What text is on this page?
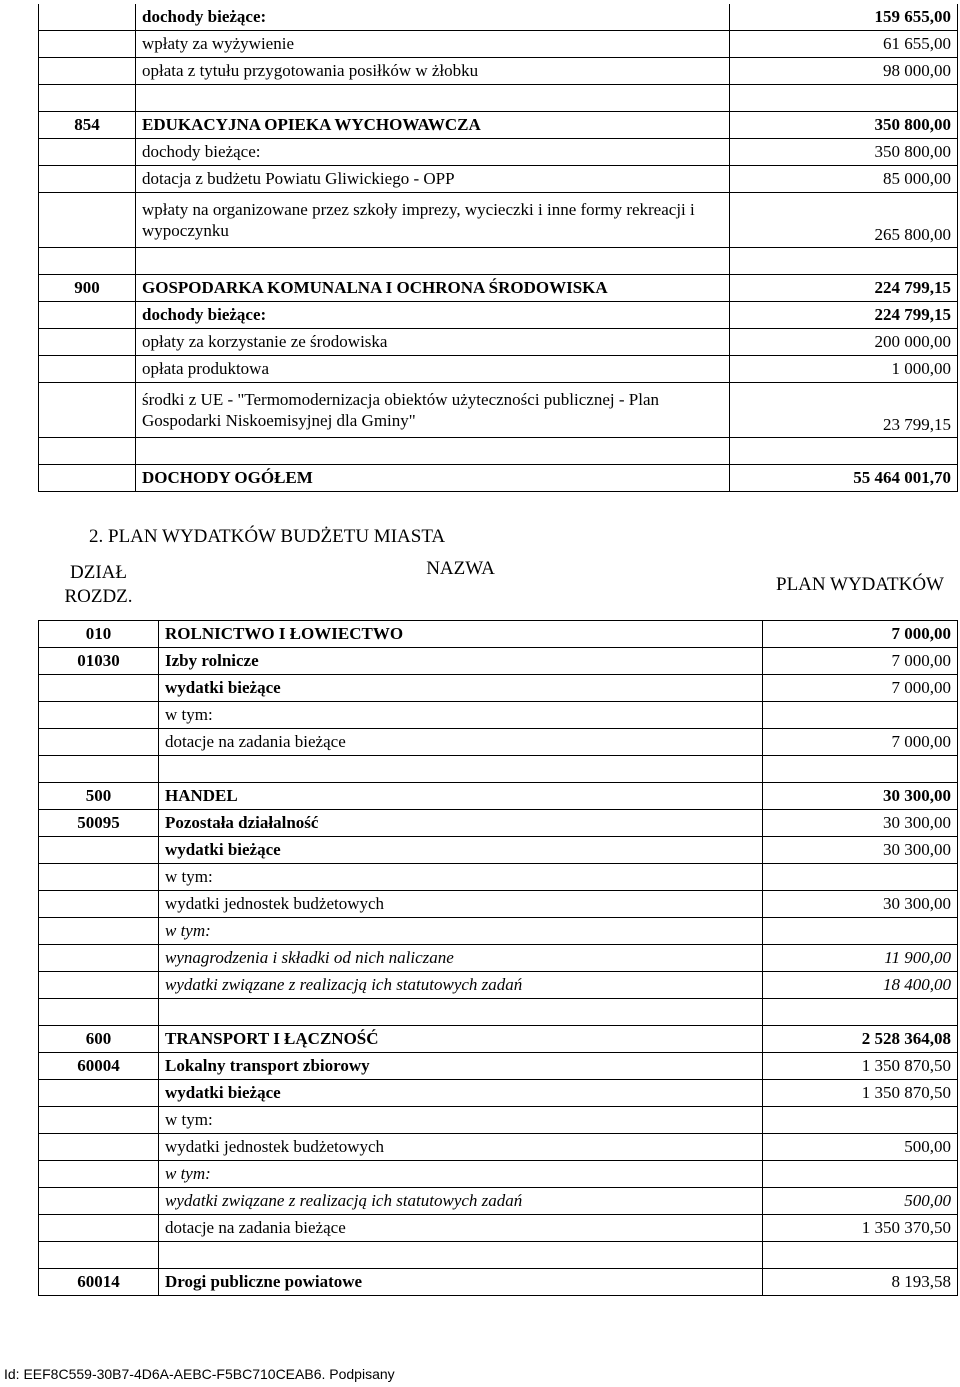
	dochody bieżące:	159 655,00
	wpłaty za wyżywienie	61 655,00
	opłata z tytułu przygotowania posiłków w żłobku	98 000,00

854	EDUKACYJNA OPIEKA WYCHOWAWCZA	350 800,00
	dochody bieżące:	350 800,00
	dotacja z budżetu Powiatu Gliwickiego - OPP	85 000,00
	wpłaty na organizowane przez szkoły imprezy, wycieczki i inne formy rekreacji i wypoczynku	265 800,00

900	GOSPODARKA KOMUNALNA I OCHRONA ŚRODOWISKA	224 799,15
	dochody bieżące:	224 799,15
	opłaty za korzystanie ze środowiska	200 000,00
	opłata produktowa	1 000,00
	środki z UE - "Termomodernizacja obiektów użyteczności publicznej - Plan Gospodarki Niskoemisyjnej dla Gminy"	23 799,15

	DOCHODY OGÓŁEM	55 464 001,70
2. PLAN WYDATKÓW BUDŻETU MIASTA
DZIAŁ ROZDZ.	NAZWA	PLAN WYDATKÓW
010	ROLNICTWO I ŁOWIECTWO	7 000,00
01030	Izby rolnicze	7 000,00
	wydatki bieżące	7 000,00
	w tym:	
	dotacje na zadania bieżące	7 000,00

500	HANDEL	30 300,00
50095	Pozostała działalność	30 300,00
	wydatki bieżące	30 300,00
	w tym:	
	wydatki jednostek budżetowych	30 300,00
	w tym:	
	wynagrodzenia i składki od nich naliczane	11 900,00
	wydatki związane z realizacją ich statutowych zadań	18 400,00

600	TRANSPORT I ŁĄCZNOŚĆ	2 528 364,08
60004	Lokalny transport zbiorowy	1 350 870,50
	wydatki bieżące	1 350 870,50
	w tym:	
	wydatki jednostek budżetowych	500,00
	w tym:	
	wydatki związane z realizacją ich statutowych zadań	500,00
	dotacje na zadania bieżące	1 350 370,50

60014	Drogi publiczne powiatowe	8 193,58
Id: EEF8C559-30B7-4D6A-AEBC-F5BC710CEAB6. Podpisany
